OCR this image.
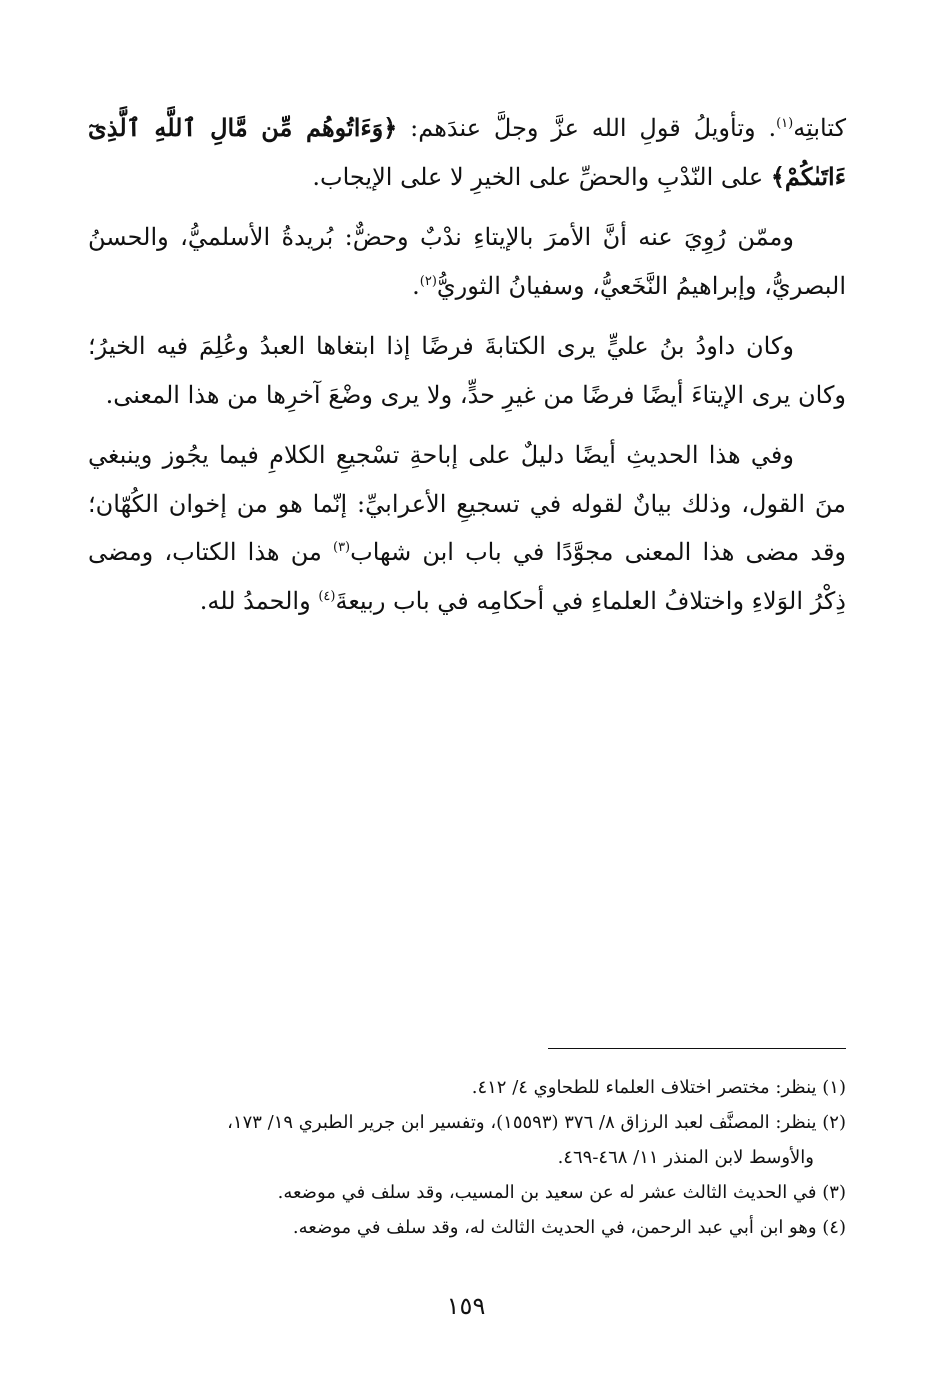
كتابتِه$^{(١)}$. وتأويلُ قولِ الله عزَّ وجلَّ عندَهم: ﴿وَءَاتُوهُم مِّن مَّالِ ٱللَّهِ ٱلَّذِىٓ ءَاتَىٰكُمْ﴾ على النّدْبِ والحضِّ على الخيرِ لا على الإيجاب.

وممّن رُوِيَ عنه أنَّ الأمرَ بالإيتاءِ ندْبٌ وحضٌّ: بُريدةُ الأسلميُّ، والحسنُ البصريُّ، وإبراهيمُ النَّخَعيُّ، وسفيانُ الثوريُّ$^{(٢)}$.

وكان داودُ بنُ عليٍّ يرى الكتابةَ فرضًا إذا ابتغاها العبدُ وعُلِمَ فيه الخيرُ؛ وكان يرى الإيتاءَ أيضًا فرضًا من غيرِ حدٍّ، ولا يرى وضْعَ آخرِها من هذا المعنى.

وفي هذا الحديثِ أيضًا دليلٌ على إباحةِ تسْجيعِ الكلامِ فيما يجُوز وينبغي منَ القول، وذلك بيانٌ لقوله في تسجيعِ الأعرابيِّ: إنّما هو من إخوان الكُهّان؛ وقد مضى هذا المعنى مجوَّدًا في باب ابن شهاب$^{(٣)}$ من هذا الكتاب، ومضى ذِكْرُ الوَلاءِ واختلافُ العلماءِ في أحكامِه في باب ربيعةَ$^{(٤)}$ والحمدُ لله.

(١) ينظر: مختصر اختلاف العلماء للطحاوي ٤/ ٤١٢.

(٢) ينظر: المصنَّف لعبد الرزاق ٨/ ٣٧٦ (١٥٥٩٣)، وتفسير ابن جرير الطبري ١٩/ ١٧٣،
والأوسط لابن المنذر ١١/ ٤٦٨-٤٦٩.

(٣) في الحديث الثالث عشر له عن سعيد بن المسيب، وقد سلف في موضعه.

(٤) وهو ابن أبي عبد الرحمن، في الحديث الثالث له، وقد سلف في موضعه.

١٥٩
